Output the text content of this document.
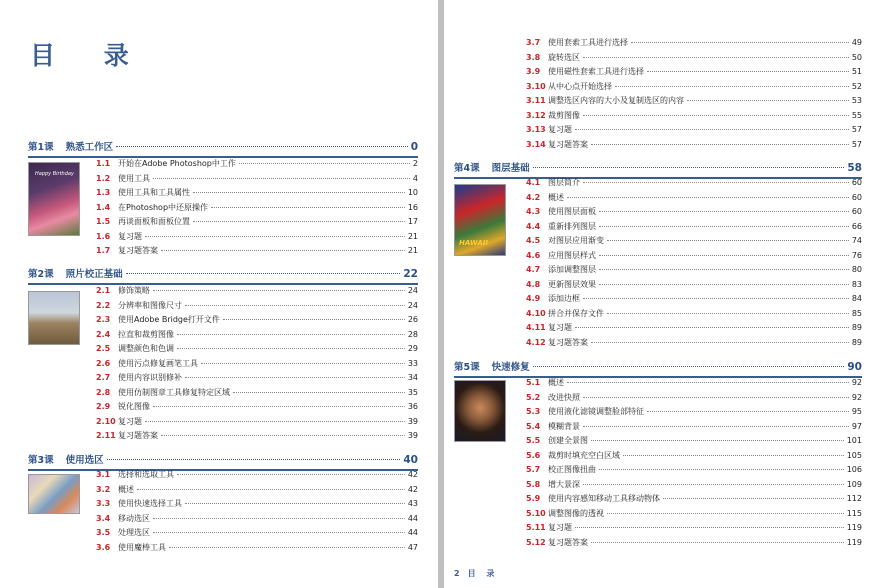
目 录
Happy Birthday
第1课 熟悉工作区	0
1.1 开始在Adobe Photoshop中工作	2
1.2 使用工具	4
1.3 使用工具和工具属性	10
1.4 在Photoshop中还原操作	16
1.5 再谈面板和面板位置	17
1.6 复习题	21
1.7 复习题答案	21
第2课 照片校正基础	22
2.1 修饰策略	24
2.2 分辨率和图像尺寸	24
2.3 使用Adobe Bridge打开文件	26
2.4 拉直和裁剪图像	28
2.5 调整颜色和色调	29
2.6 使用污点修复画笔工具	33
2.7 使用内容识别修补	34
2.8 使用仿制图章工具修复特定区域	35
2.9 锐化图像	36
2.10 复习题	39
2.11 复习题答案	39
第3课 使用选区	40
3.1 选择和选取工具	42
3.2 概述	42
3.3 使用快速选择工具	43
3.4 移动选区	44
3.5 处理选区	44
3.6 使用魔棒工具	47
HAWAII
3.7 使用套索工具进行选择	49
3.8 旋转选区	50
3.9 使用磁性套索工具进行选择	51
3.10 从中心点开始选择	52
3.11 调整选区内容的大小及复制选区的内容	53
3.12 裁剪图像	55
3.13 复习题	57
3.14 复习题答案	57
第4课 图层基础	58
4.1 图层简介	60
4.2 概述	60
4.3 使用图层面板	60
4.4 重新排列图层	66
4.5 对图层应用渐变	74
4.6 应用图层样式	76
4.7 添加调整图层	80
4.8 更新图层效果	83
4.9 添加边框	84
4.10 拼合并保存文件	85
4.11 复习题	89
4.12 复习题答案	89
第5课 快速修复	90
5.1 概述	92
5.2 改进快照	92
5.3 使用液化滤镜调整脸部特征	95
5.4 模糊背景	97
5.5 创建全景图	101
5.6 裁剪时填充空白区域	105
5.7 校正图像扭曲	106
5.8 增大景深	109
5.9 使用内容感知移动工具移动物体	112
5.10 调整图像的透视	115
5.11 复习题	119
5.12 复习题答案	119
2 目 录
